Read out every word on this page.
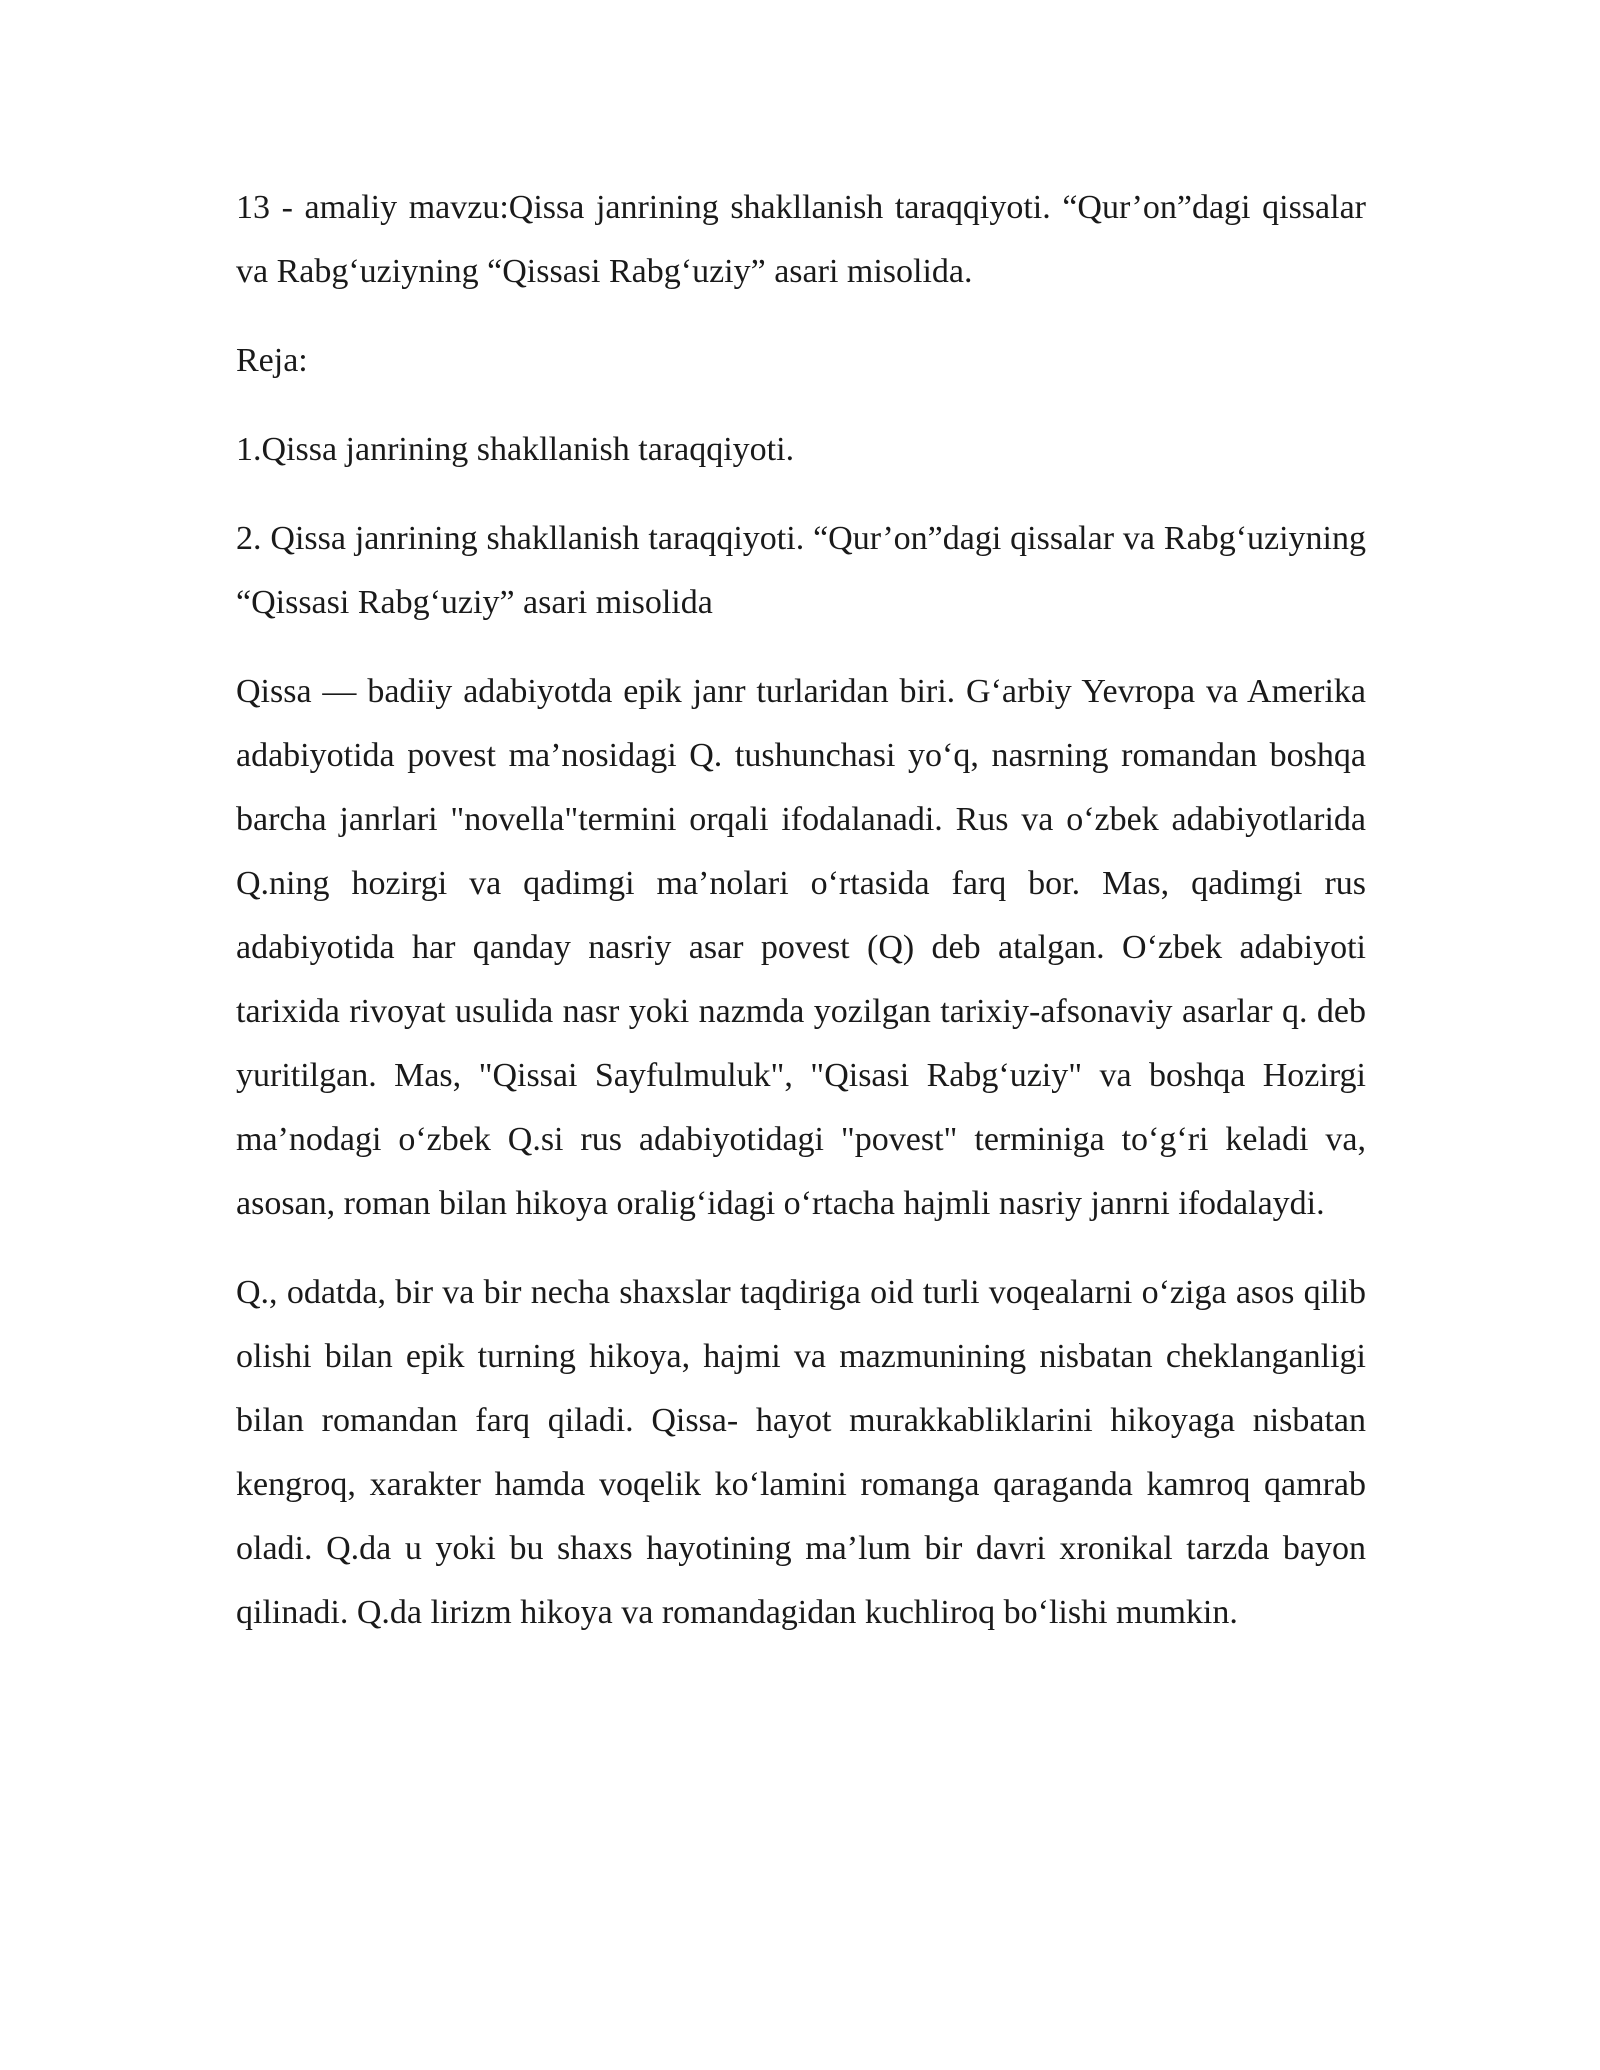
13 - amaliy mavzu:Qissa janrining shakllanish taraqqiyoti. “Qur’on”dagi qissalar va Rabg‘uziyning “Qissasi Rabg‘uziy” asari misolida.

Reja:

1.Qissa janrining shakllanish taraqqiyoti.

2. Qissa janrining shakllanish taraqqiyoti. “Qur’on”dagi qissalar va Rabg‘uziyning “Qissasi Rabg‘uziy” asari misolida

Qissa — badiiy adabiyotda epik janr turlaridan biri. G‘arbiy Yevropa va Amerika adabiyotida povest ma’nosidagi Q. tushunchasi yo‘q, nasrning romandan boshqa barcha janrlari "novella"termini orqali ifodalanadi. Rus va o‘zbek adabiyotlarida Q.ning hozirgi va qadimgi ma’nolari o‘rtasida farq bor. Mas, qadimgi rus adabiyotida har qanday nasriy asar povest (Q) deb atalgan. O‘zbek adabiyoti tarixida rivoyat usulida nasr yoki nazmda yozilgan tarixiy-afsonaviy asarlar q. deb yuritilgan. Mas, "Qissai Sayfulmuluk", "Qisasi Rabg‘uziy" va boshqa Hozirgi ma’nodagi o‘zbek Q.si rus adabiyotidagi "povest" terminiga to‘g‘ri keladi va, asosan, roman bilan hikoya oralig‘idagi o‘rtacha hajmli nasriy janrni ifodalaydi.

Q., odatda, bir va bir necha shaxslar taqdiriga oid turli voqealarni o‘ziga asos qilib olishi bilan epik turning hikoya, hajmi va mazmunining nisbatan cheklanganligi bilan romandan farq qiladi. Qissa- hayot murakkabliklarini hikoyaga nisbatan kengroq, xarakter hamda voqelik ko‘lamini romanga qaraganda kamroq qamrab oladi. Q.da u yoki bu shaxs hayotining ma’lum bir davri xronikal tarzda bayon qilinadi. Q.da lirizm hikoya va romandagidan kuchliroq bo‘lishi mumkin.
